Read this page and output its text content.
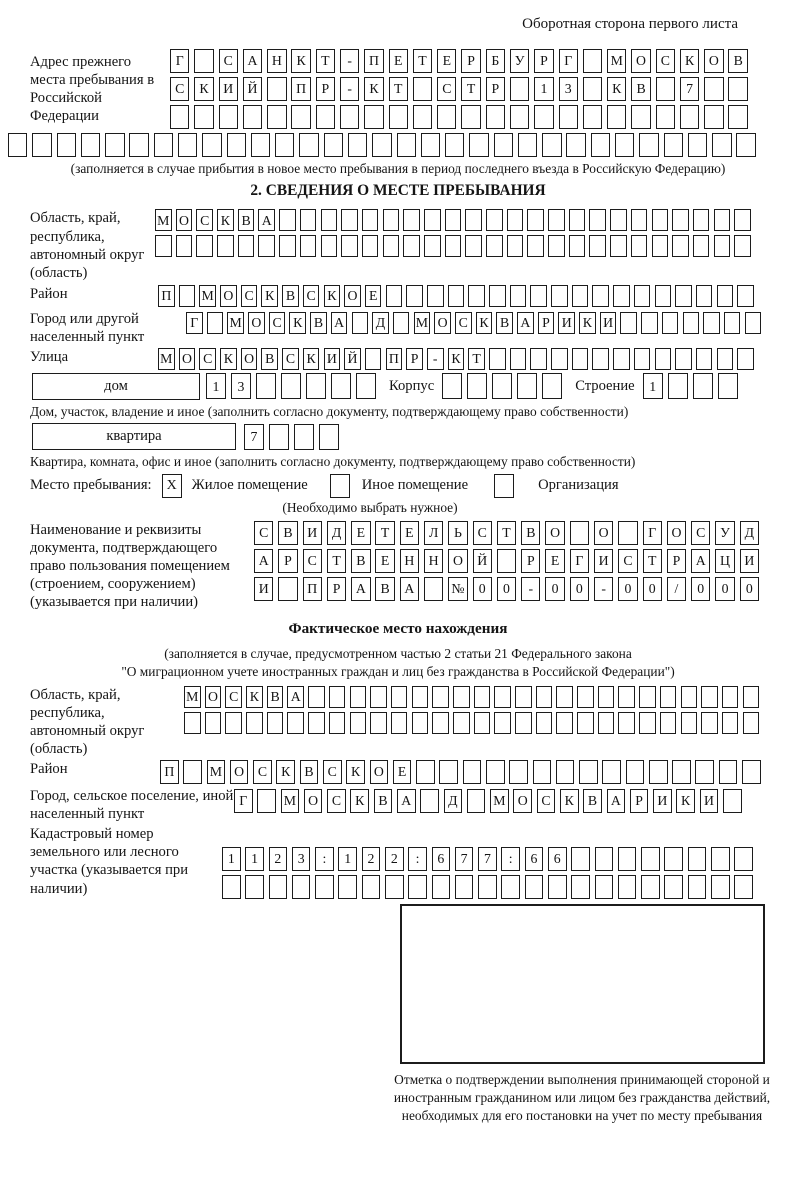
Оборотная сторона первого листа
Адрес прежнего места пребывания в Российской Федерации
Г	С	А	Н	К	Т	-	П	Е	Т	Е	Р	Б	У	Р	Г	М О	С	К	О	В
С	К	И	Й	П	Р	-	К	Т	С	Т	Р	1	3	К	В	7
(заполняется в случае прибытия в новое место пребывания в период последнего въезда в Российскую Федерацию)
2. СВЕДЕНИЯ О МЕСТЕ ПРЕБЫВАНИЯ
Область, край, республика, автономный округ (область)
М О С К В А
Район	П М О С К В С К О Е
Город или другой населенный пункт
Г	М О С К В А Д М О С К В А Р И К И
Улица	М О С К О В С К И Й П Р	- К Т
дом	1	3	Корпус	Строение	1
Дом, участок, владение и иное (заполнить согласно документу, подтверждающему право собственности)
квартира	7
Квартира, комната, офис и иное (заполнить согласно документу, подтверждающему право собственности)
Место пребывания:	X	Жилое помещение	Иное помещение	Организация
(Необходимо выбрать нужное)
Наименование и реквизиты документа, подтверждающего право пользования помещением (строением, сооружением) (указывается при наличии)
С	В	И	Д	Е	Т	Е	Л	Ь	С	Т	В	О	О	Г	О	С	У	Д
А	Р	С	Т	В	Е	Н	Н	О	Й	Р	Е	Г	И	С	Т	Р	А	Ц	И
И	П	Р	А	В	А	№	0	0	-	0	0	-	0	0	/	0	0	0
Фактическое место нахождения
(заполняется в случае, предусмотренном частью 2 статьи 21 Федерального закона
"О миграционном учете иностранных граждан и лиц без гражданства в Российской Федерации")
Область, край, республика, автономный округ (область)
М О С К В А
Район	П	М О С	К	В	С	К О	Е
Город, сельское поселение, иной населенный пункт
Г	М О С	К	В А	Д	М О С	К	В А	Р	И К И
Кадастровый номер земельного или лесного участка (указывается при наличии)
1	1	2	3	:	1	2	2	:	6	7	7	:	6	6
Отметка о подтверждении выполнения принимающей стороной и иностранным гражданином или лицом без гражданства действий, необходимых для его постановки на учет по месту пребывания
